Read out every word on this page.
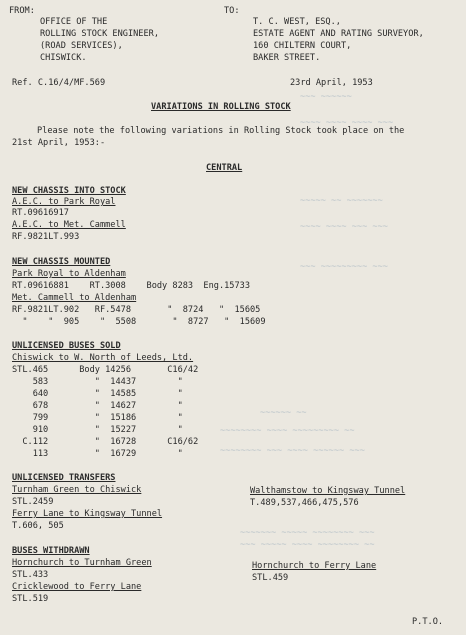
~~~ ~~~~~~
~~~~ ~~~~ ~~~~ ~~~
~~~~~ ~~ ~~~~~~~
~~~~ ~~~~ ~~~ ~~~
~~~ ~~~~~~~~~ ~~~
~~~~~~ ~~
~~~~~~~~ ~~~~ ~~~~~~~~~ ~~
~~~~~~~~ ~~~ ~~~~ ~~~~~~ ~~~
~~~~~~~ ~~~~~ ~~~~~~~~ ~~~
~~~ ~~~~~ ~~~~ ~~~~~~~~ ~~
FROM:
OFFICE OF THE
ROLLING STOCK ENGINEER,
(ROAD SERVICES),
CHISWICK.
TO:
T. C. WEST, ESQ.,
ESTATE AGENT AND RATING SURVEYOR,
160 CHILTERN COURT,
BAKER STREET.
Ref. C.16/4/MF.569	23rd April, 1953
VARIATIONS IN ROLLING STOCK
Please note the following variations in Rolling Stock took place on the
21st April, 1953:-
CENTRAL
NEW CHASSIS INTO STOCK
A.E.C. to Park Royal
RT.09616917
A.E.C. to Met. Cammell
RF.9821LT.993
NEW CHASSIS MOUNTED
Park Royal to Aldenham
RT.09616881    RT.3008    Body 8283  Eng.15733
Met. Cammell to Aldenham
RF.9821LT.902   RF.5478       "  8724   "  15605
"    "  905    "  5508       "  8727   "  15609
UNLICENSED BUSES SOLD
Chiswick to W. North of Leeds, Ltd.
STL.465      Body 14256       C16/42
583         "  14437        "
640         "  14585        "
678         "  14627        "
799         "  15186        "
910         "  15227        "
C.112         "  16728      C16/62
113         "  16729        "
UNLICENSED TRANSFERS
Turnham Green to Chiswick
STL.2459
Ferry Lane to Kingsway Tunnel
T.606, 505
Walthamstow to Kingsway Tunnel
T.489,537,466,475,576
BUSES WITHDRAWN
Hornchurch to Turnham Green
STL.433
Cricklewood to Ferry Lane
STL.519
Hornchurch to Ferry Lane
STL.459
P.T.O.
